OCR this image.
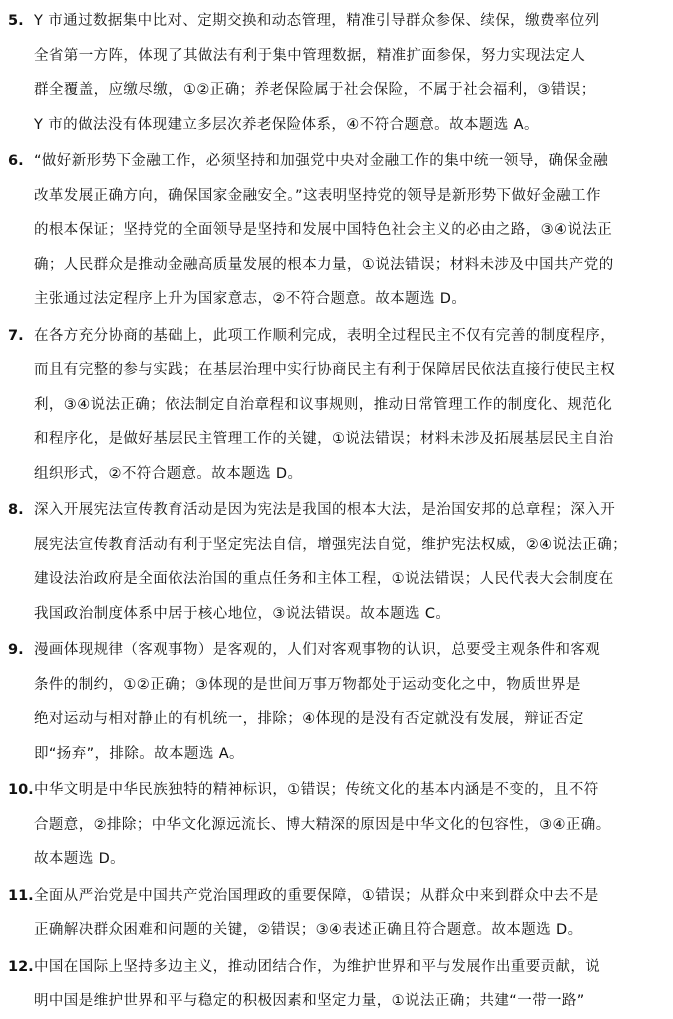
5. Y 市通过数据集中比对、定期交换和动态管理，精准引导群众参保、续保，缴费率位列
全省第一方阵，体现了其做法有利于集中管理数据，精准扩面参保，努力实现法定人
群全覆盖，应缴尽缴，①②正确；养老保险属于社会保险，不属于社会福利，③错误；
Y 市的做法没有体现建立多层次养老保险体系，④不符合题意。故本题选 A。
6. “做好新形势下金融工作，必须坚持和加强党中央对金融工作的集中统一领导，确保金融
改革发展正确方向，确保国家金融安全。”这表明坚持党的领导是新形势下做好金融工作
的根本保证；坚持党的全面领导是坚持和发展中国特色社会主义的必由之路，③④说法正
确；人民群众是推动金融高质量发展的根本力量，①说法错误；材料未涉及中国共产党的
主张通过法定程序上升为国家意志，②不符合题意。故本题选 D。
7. 在各方充分协商的基础上，此项工作顺利完成，表明全过程民主不仅有完善的制度程序，
而且有完整的参与实践；在基层治理中实行协商民主有利于保障居民依法直接行使民主权
利，③④说法正确；依法制定自治章程和议事规则，推动日常管理工作的制度化、规范化
和程序化，是做好基层民主管理工作的关键，①说法错误；材料未涉及拓展基层民主自治
组织形式，②不符合题意。故本题选 D。
8. 深入开展宪法宣传教育活动是因为宪法是我国的根本大法，是治国安邦的总章程；深入开
展宪法宣传教育活动有利于坚定宪法自信，增强宪法自觉，维护宪法权威，②④说法正确；
建设法治政府是全面依法治国的重点任务和主体工程，①说法错误；人民代表大会制度在
我国政治制度体系中居于核心地位，③说法错误。故本题选 C。
9. 漫画体现规律（客观事物）是客观的，人们对客观事物的认识，总要受主观条件和客观
条件的制约，①②正确；③体现的是世间万事万物都处于运动变化之中，物质世界是
绝对运动与相对静止的有机统一，排除；④体现的是没有否定就没有发展，辩证否定
即“扬弃”，排除。故本题选 A。
10. 中华文明是中华民族独特的精神标识，①错误；传统文化的基本内涵是不变的，且不符
合题意，②排除；中华文化源远流长、博大精深的原因是中华文化的包容性，③④正确。
故本题选 D。
11. 全面从严治党是中国共产党治国理政的重要保障，①错误；从群众中来到群众中去不是
正确解决群众困难和问题的关键，②错误；③④表述正确且符合题意。故本题选 D。
12. 中国在国际上坚持多边主义，推动团结合作，为维护世界和平与发展作出重要贡献，说
明中国是维护世界和平与稳定的积极因素和坚定力量，①说法正确；共建“一带一路”
